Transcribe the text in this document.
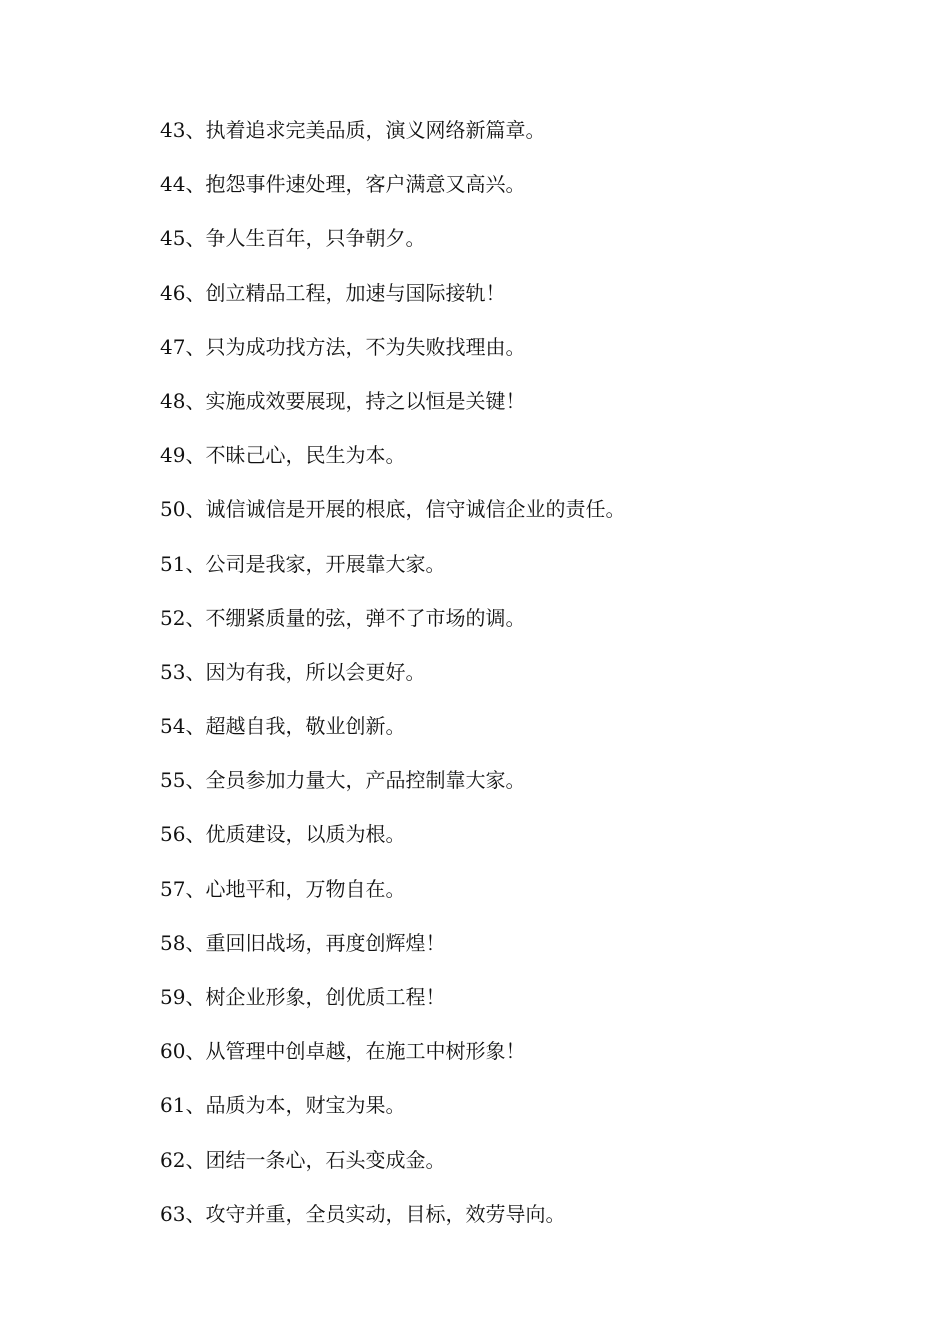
43、执着追求完美品质，演义网络新篇章。
44、抱怨事件速处理，客户满意又高兴。
45、争人生百年，只争朝夕。
46、创立精品工程，加速与国际接轨！
47、只为成功找方法，不为失败找理由。
48、实施成效要展现，持之以恒是关键！
49、不昧己心，民生为本。
50、诚信诚信是开展的根底，信守诚信企业的责任。
51、公司是我家，开展靠大家。
52、不绷紧质量的弦，弹不了市场的调。
53、因为有我，所以会更好。
54、超越自我，敬业创新。
55、全员参加力量大，产品控制靠大家。
56、优质建设，以质为根。
57、心地平和，万物自在。
58、重回旧战场，再度创辉煌！
59、树企业形象，创优质工程！
60、从管理中创卓越，在施工中树形象！
61、品质为本，财宝为果。
62、团结一条心，石头变成金。
63、攻守并重，全员实动，目标，效劳导向。
